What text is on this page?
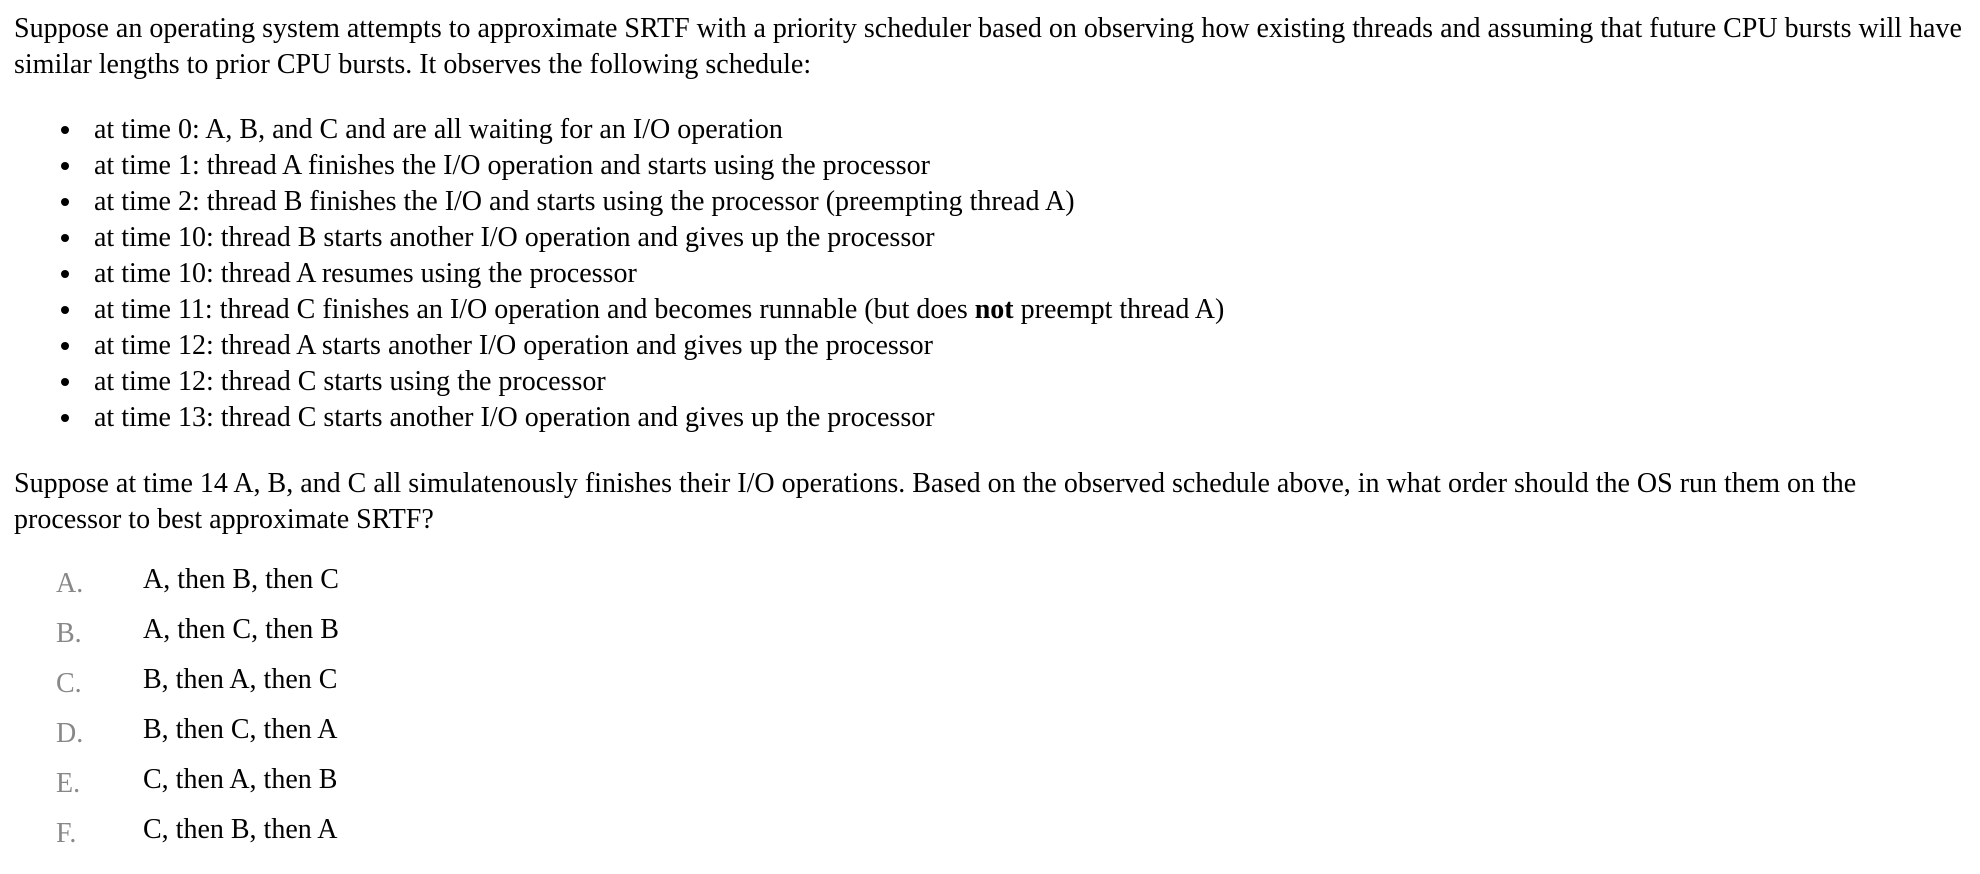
Suppose an operating system attempts to approximate SRTF with a priority scheduler based on observing how existing threads and assuming that future CPU bursts will have similar lengths to prior CPU bursts. It observes the following schedule:

at time 0: A, B, and C and are all waiting for an I/O operation
at time 1: thread A finishes the I/O operation and starts using the processor
at time 2: thread B finishes the I/O and starts using the processor (preempting thread A)
at time 10: thread B starts another I/O operation and gives up the processor
at time 10: thread A resumes using the processor
at time 11: thread C finishes an I/O operation and becomes runnable (but does not preempt thread A)
at time 12: thread A starts another I/O operation and gives up the processor
at time 12: thread C starts using the processor
at time 13: thread C starts another I/O operation and gives up the processor

Suppose at time 14 A, B, and C all simulatenously finishes their I/O operations. Based on the observed schedule above, in what order should the OS run them on the processor to best approximate SRTF?

A.	A, then B, then C
B.	A, then C, then B
C.	B, then A, then C
D.	B, then C, then A
E.	C, then A, then B
F.	C, then B, then A
